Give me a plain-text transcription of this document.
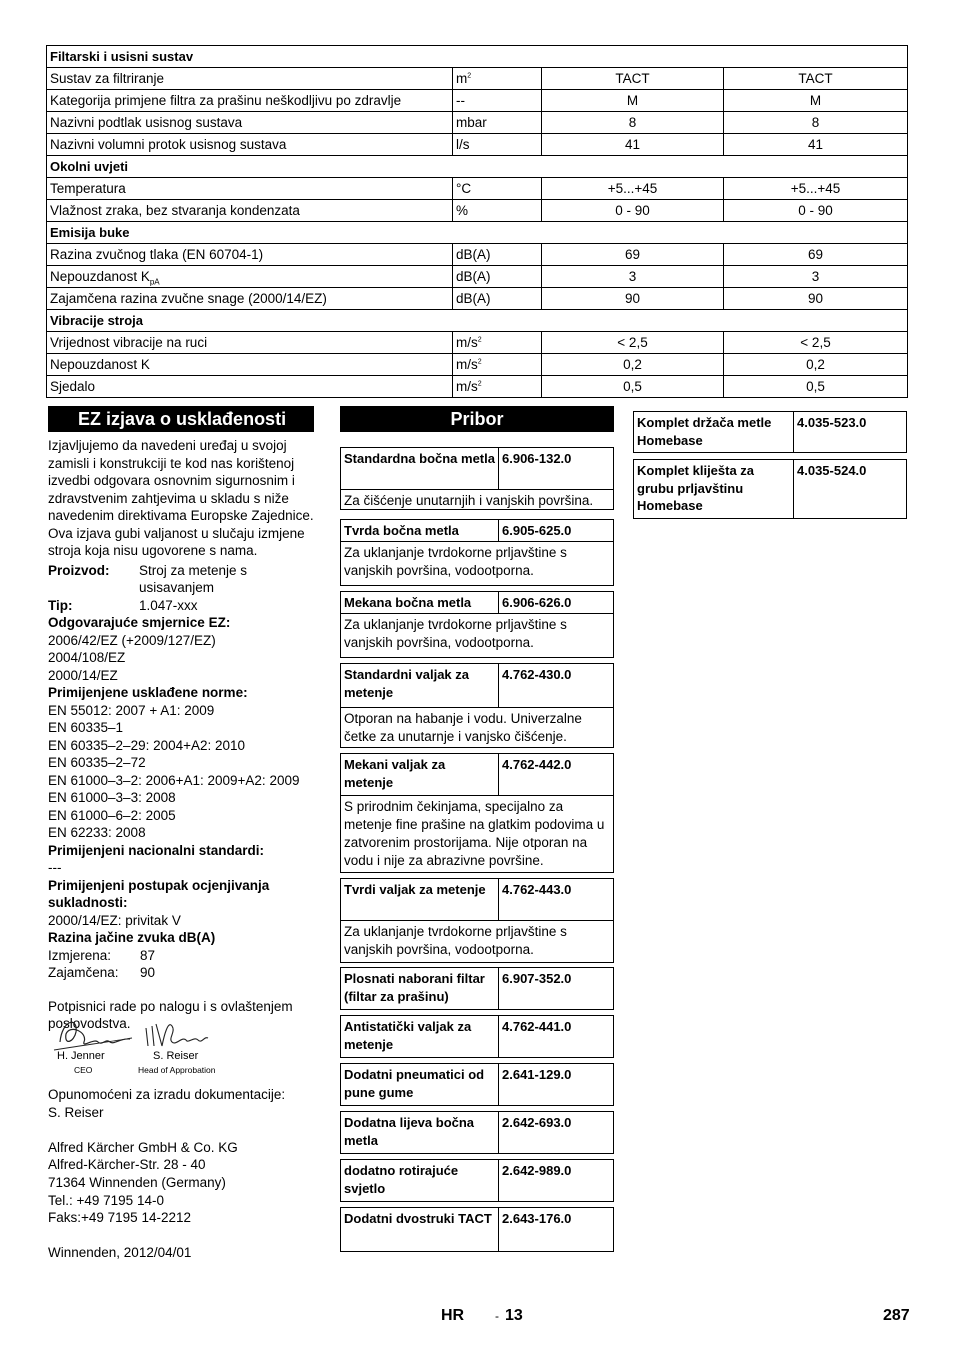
Filtarski i usisni sustav			
Sustav za filtriranje	$m^2$	TACT	TACT
Kategorija primjene filtra za prašinu neškodljivu po zdravlje	--	M	M
Nazivni podtlak usisnog sustava	mbar	8	8
Nazivni volumni protok usisnog sustava	l/s	41	41
Okolni uvjeti			
Temperatura	°C	+5...+45	+5...+45
Vlažnost zraka, bez stvaranja kondenzata	%	0 - 90	0 - 90
Emisija buke			
Razina zvučnog tlaka (EN 60704-1)	dB(A)	69	69
Nepouzdanost $K_{pA}$	dB(A)	3	3
Zajamčena razina zvučne snage (2000/14/EZ)	dB(A)	90	90
Vibracije stroja			
Vrijednost vibracije na ruci	$m/s^2$	< 2,5	< 2,5
Nepouzdanost K	$m/s^2$	0,2	0,2
Sjedalo	$m/s^2$	0,5	0,5
EZ izjava o usklađenosti

Izjavljujemo da navedeni uređaj u svojoj zamisli i konstrukciji te kod nas korištenoj izvedbi odgovara osnovnim sigurnosnim i zdravstvenim zahtjevima u skladu s niže navedenim direktivama Europske Zajednice. Ova izjava gubi valjanost u slučaju izmjene stroja koja nisu ugovorene s nama.

Proizvod:	Stroj za metenje s usisavanjem
Tip:	1.047-xxx

Odgovarajuće smjernice EZ:

2006/42/EZ (+2009/127/EZ)

2004/108/EZ

2000/14/EZ

Primijenjene usklađene norme:

EN 55012: 2007 + A1: 2009

EN 60335–1

EN 60335–2–29: 2004+A2: 2010

EN 60335–2–72

EN 61000–3–2: 2006+A1: 2009+A2: 2009

EN 61000–3–3: 2008

EN 61000–6–2: 2005

EN 62233: 2008

Primijenjeni nacionalni standardi:

---

Primijenjeni postupak ocjenjivanja sukladnosti:

2000/14/EZ: privitak V

Razina jačine zvuka dB(A)

Izmjerena:	87
Zajamčena:	90

Potpisnici rade po nalogu i s ovlaštenjem poslovodstva.

H. Jenner
CEO
S. Reiser
Head of Approbation

Opunomoćeni za izradu dokumentacije:

S. Reiser

Alfred Kärcher GmbH & Co. KG

Alfred-Kärcher-Str. 28 - 40

71364 Winnenden (Germany)

Tel.: +49 7195 14-0

Faks:+49 7195 14-2212

Winnenden, 2012/04/01

Pribor
Standardna bočna metla 6.906-132.0
Za čišćenje unutarnjih i vanjskih površina.
Tvrda bočna metla	6.905-625.0
Za uklanjanje tvrdokorne prljavštine s vanjskih površina, vodootporna.
Mekana bočna metla	6.906-626.0
Za uklanjanje tvrdokorne prljavštine s vanjskih površina, vodootporna.
Standardni valjak za metenje
4.762-430.0
Otporan na habanje i vodu. Univerzalne četke za unutarnje i vanjsko čišćenje.
Mekani valjak za metenje
4.762-442.0
S prirodnim čekinjama, specijalno za metenje fine prašine na glatkim podovima u zatvorenim prostorijama. Nije otporan na vodu i nije za abrazivne površine.
Tvrdi valjak za metenje	4.762-443.0
Za uklanjanje tvrdokorne prljavštine s vanjskih površina, vodootporna.
Plosnati naborani filtar (filtar za prašinu)
6.907-352.0
Antistatički valjak za metenje
4.762-441.0
Dodatni pneumatici od pune gume
2.641-129.0
Dodatna lijeva bočna metla
2.642-693.0
dodatno rotirajuće svjetlo
2.642-989.0
Dodatni dvostruki TACT 2.643-176.0
Komplet držača metle Homebase
4.035-523.0
Komplet kliješta za grubu prljavštinu Homebase
4.035-524.0
HR	- 13	287
